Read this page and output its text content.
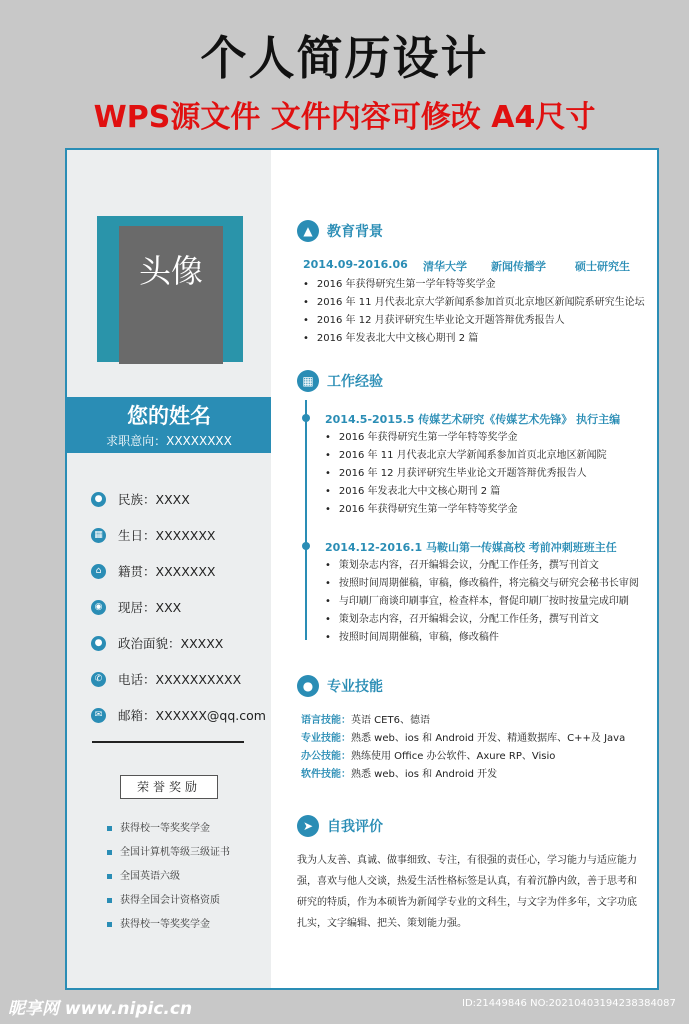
个人简历设计
WPS源文件 文件内容可修改 A4尺寸
头像
您的姓名
求职意向：XXXXXXXX
● 民族：XXXX
▦ 生日：XXXXXXX
⌂	籍贯：XXXXXXX
◉ 现居：XXX
● 政治面貌：XXXXX
✆ 电话：XXXXXXXXXX
✉ 邮箱：XXXXXX@qq.com
荣誉奖励
获得校一等奖奖学金
全国计算机等级三级证书
全国英语六级
获得全国会计资格资质
获得校一等奖奖学金
▲	教育背景
2014.09-2016.06	清华大学	新闻传播学	硕士研究生
• 2016 年获得研究生第一学年特等奖学金
• 2016 年 11 月代表北京大学新闻系参加首页北京地区新闻院系研究生论坛
• 2016 年 12 月获评研究生毕业论文开题答辩优秀报告人
• 2016 年发表北大中文核心期刊 2 篇
▦ 工作经验
2014.5-2015.5 传媒艺术研究《传媒艺术先锋》 执行主编
• 2016 年获得研究生第一学年特等奖学金
• 2016 年 11 月代表北京大学新闻系参加首页北京地区新闻院
• 2016 年 12 月获评研究生毕业论文开题答辩优秀报告人
• 2016 年发表北大中文核心期刊 2 篇
• 2016 年获得研究生第一学年特等奖学金
2014.12-2016.1 马鞍山第一传媒高校 考前冲刺班班主任
• 策划杂志内容，召开编辑会议，分配工作任务，撰写刊首文
• 按照时间周期催稿，审稿，修改稿件，将完稿交与研究会秘书长审阅
• 与印刷厂商谈印刷事宜，检查样本，督促印刷厂按时按量完成印刷
• 策划杂志内容，召开编辑会议，分配工作任务，撰写刊首文
• 按照时间周期催稿，审稿，修改稿件
● 专业技能
语言技能：英语 CET6、德语
专业技能：熟悉 web、ios 和 Android 开发、精通数据库、C++及 Java
办公技能：熟练使用 Office 办公软件、Axure RP、Visio
软件技能：熟悉 web、ios 和 Android 开发
➤ 自我评价
我为人友善、真诚、做事细致、专注，有很强的责任心，学习能力与适应能力强，喜欢与他人交谈，热爱生活性格标签是认真，有着沉静内敛，善于思考和研究的特质，作为本硕皆为新闻学专业的文科生，与文字为伴多年，文字功底扎实，文字编辑、把关、策划能力强。
昵享网 www.nipic.cn	ID:21449846 NO:20210403194238384087
